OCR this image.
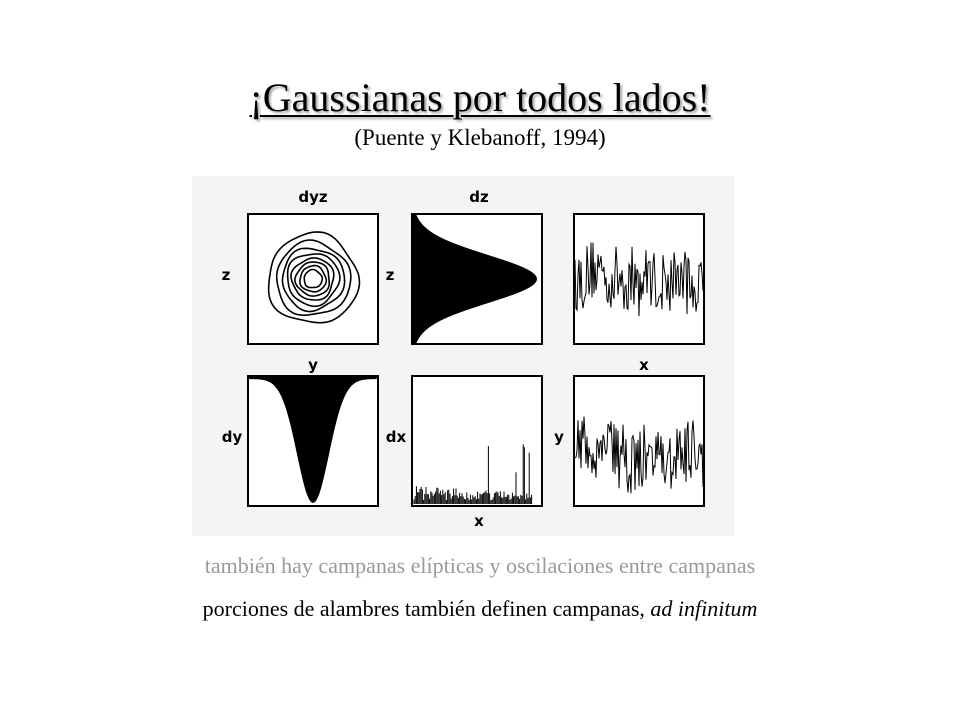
¡Gaussianas por todos lados!
(Puente y Klebanoff, 1994)
dyz	dz
z	z
y	x
dy	dx	y
x
también hay campanas elípticas y oscilaciones entre campanas
porciones de alambres también definen campanas, ad infinitum
